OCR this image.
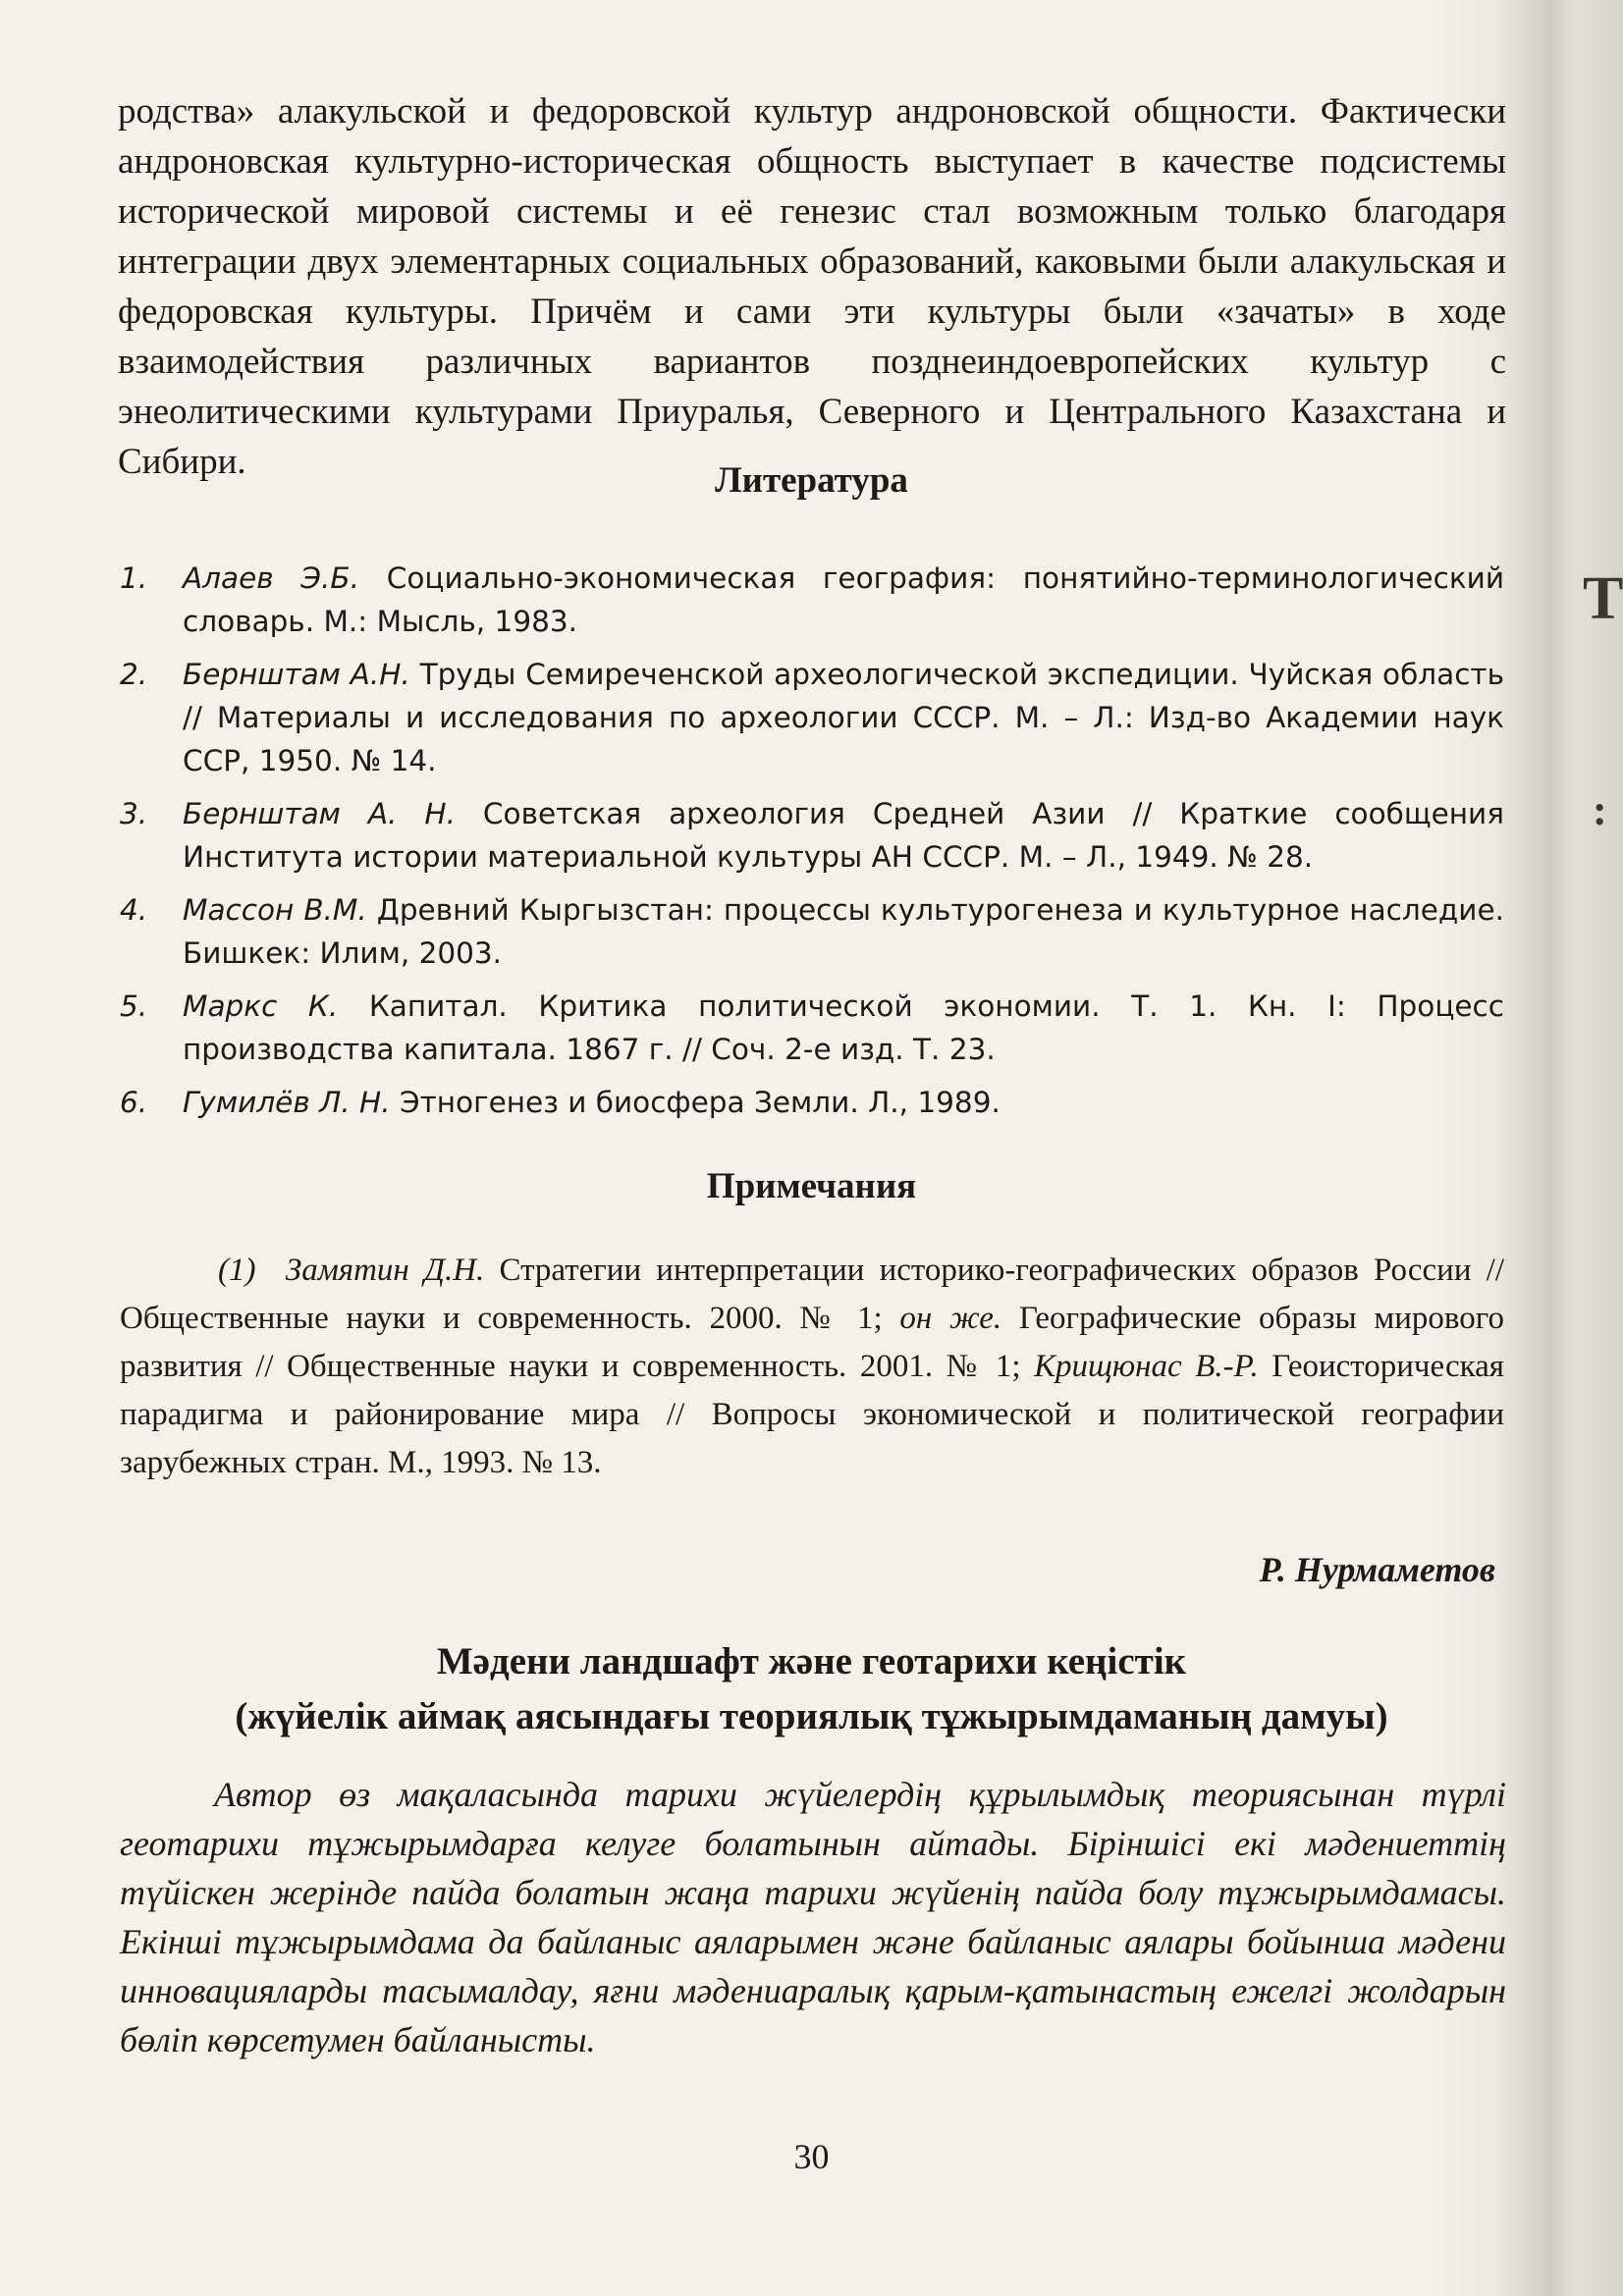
Т
:

родства» алакульской и федоровской культур андроновской общности. Фактически андроновская культурно-историческая общность выступает в качестве подсистемы исторической мировой системы и её генезис стал возможным только благодаря интеграции двух элементарных социальных образований, каковыми были алакульская и федоровская культуры. Причём и сами эти культуры были «зачаты» в ходе взаимодействия различных вариантов позднеиндоевропейских культур с энеолитическими культурами Приуралья, Северного и Центрального Казахстана и Сибири.	Литература
1.	Алаев Э.Б. Социально-экономическая география: понятийно-терминологический словарь. М.: Мысль, 1983.
2.	Бернштам А.Н. Труды Семиреченской археологической экспедиции. Чуйская область // Материалы и исследования по археологии СССР. М. – Л.: Изд-во Академии наук ССР, 1950. № 14.
3.	Бернштам А. Н. Советская археология Средней Азии // Краткие сообщения Института истории материальной культуры АН СССР. М. – Л., 1949. № 28.
4.	Массон В.М. Древний Кыргызстан: процессы культурогенеза и культурное наследие. Бишкек: Илим, 2003.
5.	Маркс К. Капитал. Критика политической экономии. Т. 1. Кн. I: Процесс производства капитала. 1867 г. // Соч. 2-е изд. Т. 23.
6.	Гумилёв Л. Н. Этногенез и биосфера Земли. Л., 1989.
Примечания

(1) Замятин Д.Н. Стратегии интерпретации историко-географических образов России // Общественные науки и современность. 2000. № 1; он же. Географические образы мирового развития // Общественные науки и современность. 2001. № 1; Крищюнас В.-Р. Геоисторическая парадигма и районирование мира // Вопросы экономической и политической географии зарубежных стран. М., 1993. № 13.

Р. Нурмаметов
Мәдени ландшафт және геотарихи кеңістік
(жүйелік аймақ аясындағы теориялық тұжырымдаманың дамуы)

Автор өз мақаласында тарихи жүйелердің құрылымдық теориясынан түрлі геотарихи тұжырымдарға келуге болатынын айтады. Біріншісі екі мәдениеттің түйіскен жерінде пайда болатын жаңа тарихи жүйенің пайда болу тұжырымдамасы. Екінші тұжырымдама да байланыс аяларымен және байланыс аялары бойынша мәдени инновацияларды тасымалдау, яғни мәдениаралық қарым-қатынастың ежелгі жолдарын бөліп көрсетумен байланысты.

30
